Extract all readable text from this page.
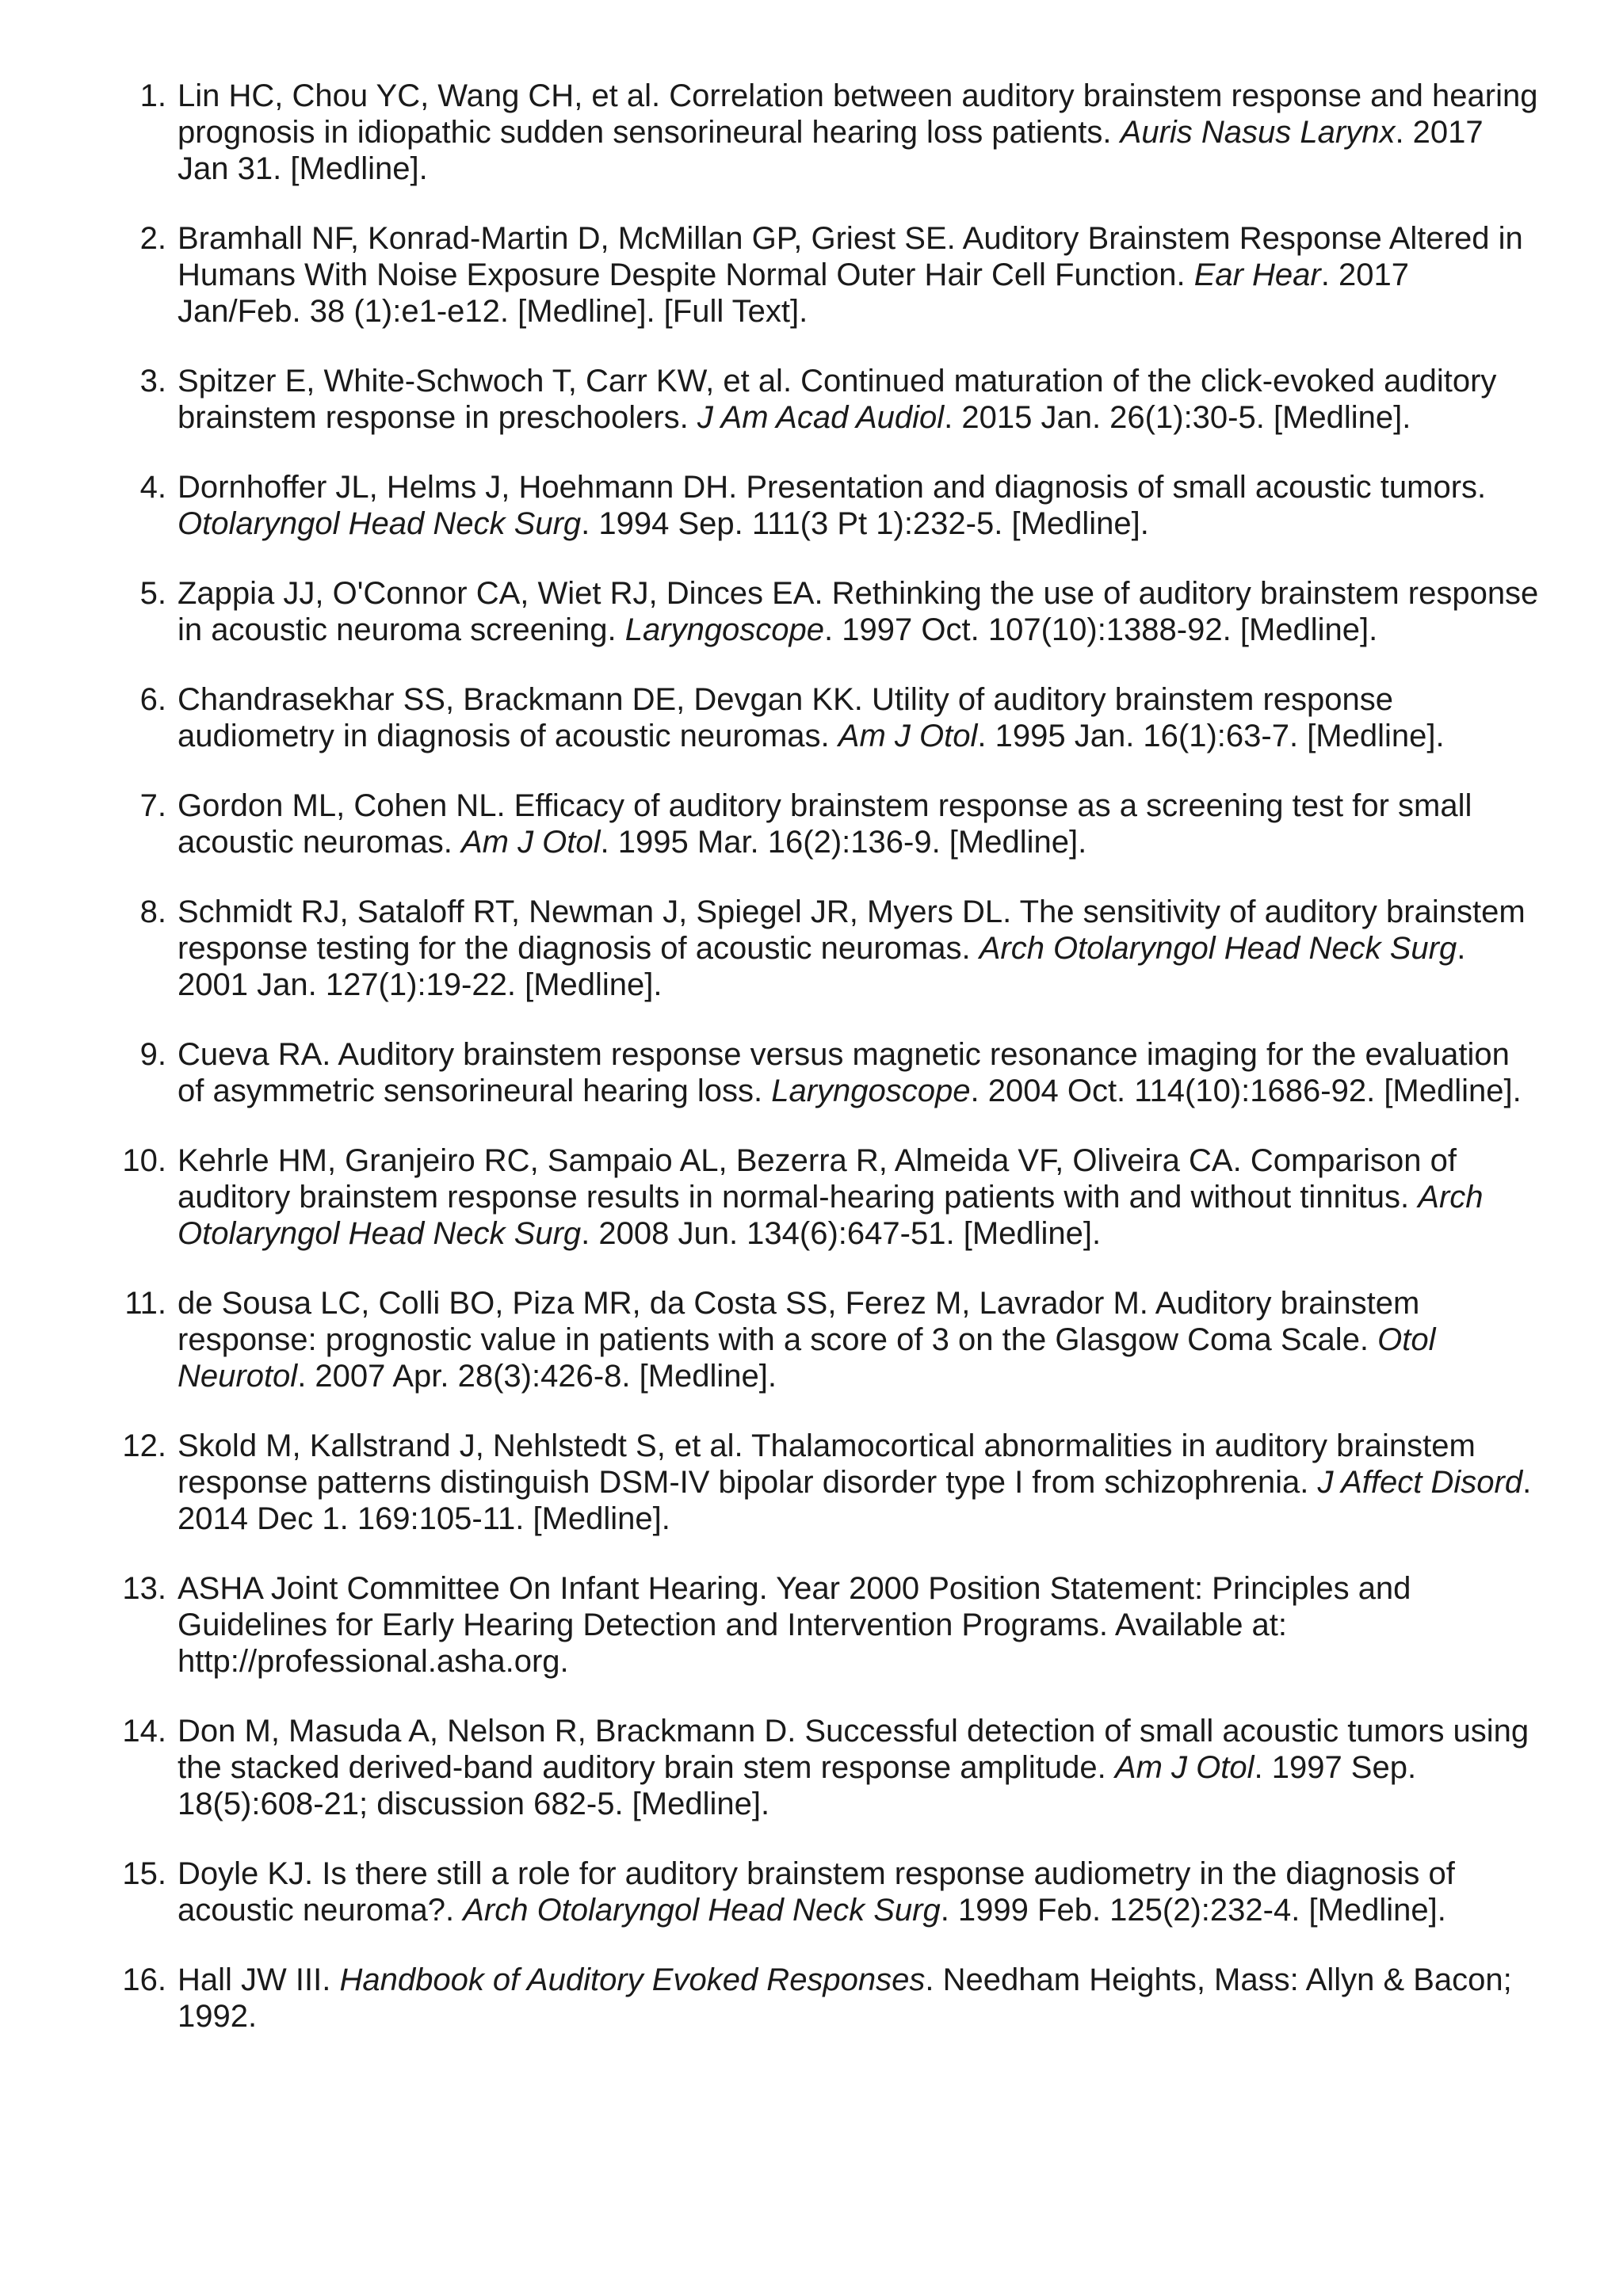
1. Lin HC, Chou YC, Wang CH, et al. Correlation between auditory brainstem response and hearing prognosis in idiopathic sudden sensorineural hearing loss patients. Auris Nasus Larynx. 2017 Jan 31. [Medline].
2. Bramhall NF, Konrad-Martin D, McMillan GP, Griest SE. Auditory Brainstem Response Altered in Humans With Noise Exposure Despite Normal Outer Hair Cell Function. Ear Hear. 2017 Jan/Feb. 38 (1):e1-e12. [Medline]. [Full Text].
3. Spitzer E, White-Schwoch T, Carr KW, et al. Continued maturation of the click-evoked auditory brainstem response in preschoolers. J Am Acad Audiol. 2015 Jan. 26(1):30-5. [Medline].
4. Dornhoffer JL, Helms J, Hoehmann DH. Presentation and diagnosis of small acoustic tumors. Otolaryngol Head Neck Surg. 1994 Sep. 111(3 Pt 1):232-5. [Medline].
5. Zappia JJ, O'Connor CA, Wiet RJ, Dinces EA. Rethinking the use of auditory brainstem response in acoustic neuroma screening. Laryngoscope. 1997 Oct. 107(10):1388-92. [Medline].
6. Chandrasekhar SS, Brackmann DE, Devgan KK. Utility of auditory brainstem response audiometry in diagnosis of acoustic neuromas. Am J Otol. 1995 Jan. 16(1):63-7. [Medline].
7. Gordon ML, Cohen NL. Efficacy of auditory brainstem response as a screening test for small acoustic neuromas. Am J Otol. 1995 Mar. 16(2):136-9. [Medline].
8. Schmidt RJ, Sataloff RT, Newman J, Spiegel JR, Myers DL. The sensitivity of auditory brainstem response testing for the diagnosis of acoustic neuromas. Arch Otolaryngol Head Neck Surg. 2001 Jan. 127(1):19-22. [Medline].
9. Cueva RA. Auditory brainstem response versus magnetic resonance imaging for the evaluation of asymmetric sensorineural hearing loss. Laryngoscope. 2004 Oct. 114(10):1686-92. [Medline].
10. Kehrle HM, Granjeiro RC, Sampaio AL, Bezerra R, Almeida VF, Oliveira CA. Comparison of auditory brainstem response results in normal-hearing patients with and without tinnitus. Arch Otolaryngol Head Neck Surg. 2008 Jun. 134(6):647-51. [Medline].
11. de Sousa LC, Colli BO, Piza MR, da Costa SS, Ferez M, Lavrador M. Auditory brainstem response: prognostic value in patients with a score of 3 on the Glasgow Coma Scale. Otol Neurotol. 2007 Apr. 28(3):426-8. [Medline].
12. Skold M, Kallstrand J, Nehlstedt S, et al. Thalamocortical abnormalities in auditory brainstem response patterns distinguish DSM-IV bipolar disorder type I from schizophrenia. J Affect Disord. 2014 Dec 1. 169:105-11. [Medline].
13. ASHA Joint Committee On Infant Hearing. Year 2000 Position Statement: Principles and Guidelines for Early Hearing Detection and Intervention Programs. Available at: http://professional.asha.org.
14. Don M, Masuda A, Nelson R, Brackmann D. Successful detection of small acoustic tumors using the stacked derived-band auditory brain stem response amplitude. Am J Otol. 1997 Sep. 18(5):608-21; discussion 682-5. [Medline].
15. Doyle KJ. Is there still a role for auditory brainstem response audiometry in the diagnosis of acoustic neuroma?. Arch Otolaryngol Head Neck Surg. 1999 Feb. 125(2):232-4. [Medline].
16. Hall JW III. Handbook of Auditory Evoked Responses. Needham Heights, Mass: Allyn & Bacon; 1992.
